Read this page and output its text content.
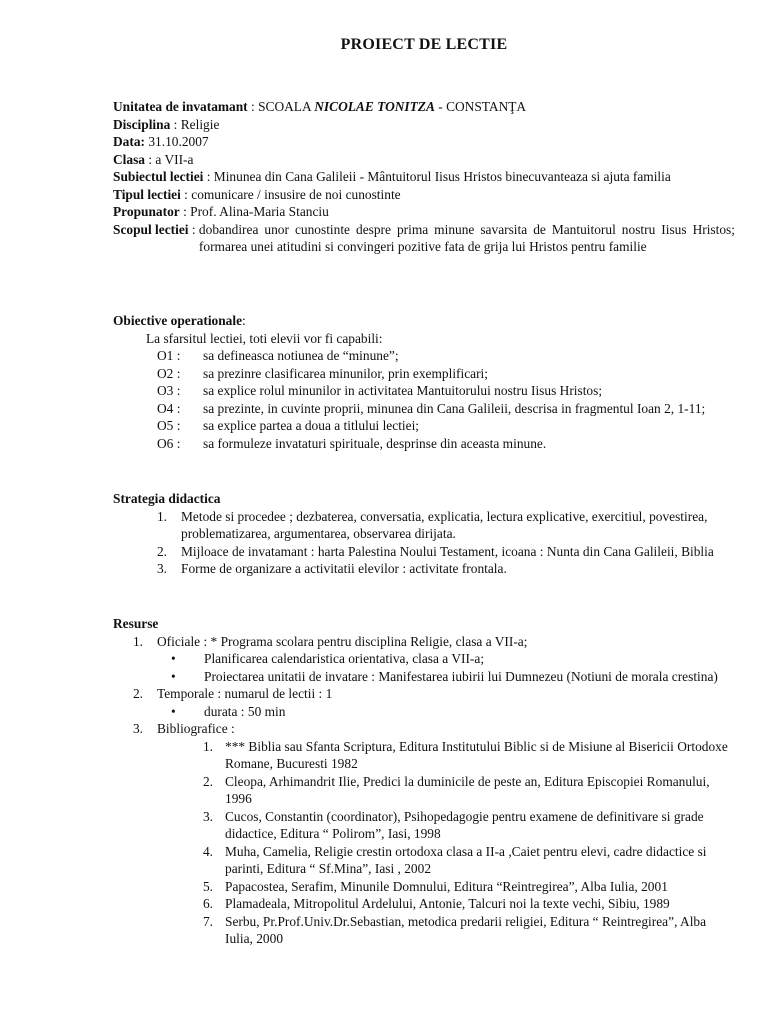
PROIECT DE LECTIE
Unitatea de invatamant : SCOALA NICOLAE TONITZA - CONSTANŢA
Disciplina : Religie
Data:
31.10.2007
Clasa : a VII-a
Subiectul lectiei : Minunea din Cana Galileii - Mântuitorul Iisus Hristos binecuvanteaza si ajuta familia
Tipul lectiei : comunicare / insusire de noi cunostinte
Propunator : Prof. Alina-Maria Stanciu
Scopul lectiei : dobandirea unor cunostinte despre prima minune savarsita de Mantuitorul nostru Iisus Hristos; formarea unei atitudini si convingeri pozitive fata de grija lui Hristos pentru familie
Obiective operationale:
La sfarsitul lectiei, toti elevii vor fi capabili:
O1 :	sa defineasca notiunea de “minune”;
O2 :	sa prezinre clasificarea minunilor, prin exemplificari;
O3 :	sa explice rolul minunilor in activitatea Mantuitorului nostru Iisus Hristos;
O4 :	sa prezinte, in cuvinte proprii, minunea din Cana Galileii, descrisa in fragmentul Ioan 2, 1-11;
O5 :	sa explice partea a doua a titlului lectiei;
O6 :	sa formuleze invataturi spirituale, desprinse din aceasta minune.
Strategia didactica
1.	Metode si procedee ; dezbaterea, conversatia, explicatia, lectura explicative, exercitiul, povestirea, problematizarea, argumentarea, observarea dirijata.
2.	Mijloace de invatamant : harta Palestina Noului Testament, icoana : Nunta din Cana Galileii, Biblia
3.	Forme de organizare a activitatii elevilor : activitate frontala.
Resurse
1.	Oficiale : * Programa scolara pentru disciplina Religie, clasa a VII-a;
•	Planificarea calendaristica orientativa, clasa a VII-a;
•	Proiectarea unitatii de invatare : Manifestarea iubirii lui Dumnezeu (Notiuni de morala crestina)
2.	Temporale : numarul de lectii : 1
•	durata : 50 min
3.	Bibliografice :
1. *** Biblia sau Sfanta Scriptura, Editura Institutului Biblic si de Misiune al Bisericii Ortodoxe Romane, Bucuresti 1982
2. Cleopa, Arhimandrit Ilie, Predici la duminicile de peste an, Editura Episcopiei Romanului, 1996
3. Cucos, Constantin (coordinator), Psihopedagogie pentru examene de definitivare si grade didactice, Editura “ Polirom”, Iasi, 1998
4. Muha, Camelia, Religie crestin ortodoxa clasa a II-a ,Caiet pentru elevi, cadre didactice si parinti, Editura “ Sf.Mina”, Iasi , 2002
5. Papacostea, Serafim, Minunile Domnului, Editura “Reintregirea”, Alba Iulia, 2001
6. Plamadeala, Mitropolitul Ardelului, Antonie, Talcuri noi la texte vechi, Sibiu, 1989
7. Serbu, Pr.Prof.Univ.Dr.Sebastian, metodica predarii religiei, Editura “ Reintregirea”, Alba Iulia, 2000
